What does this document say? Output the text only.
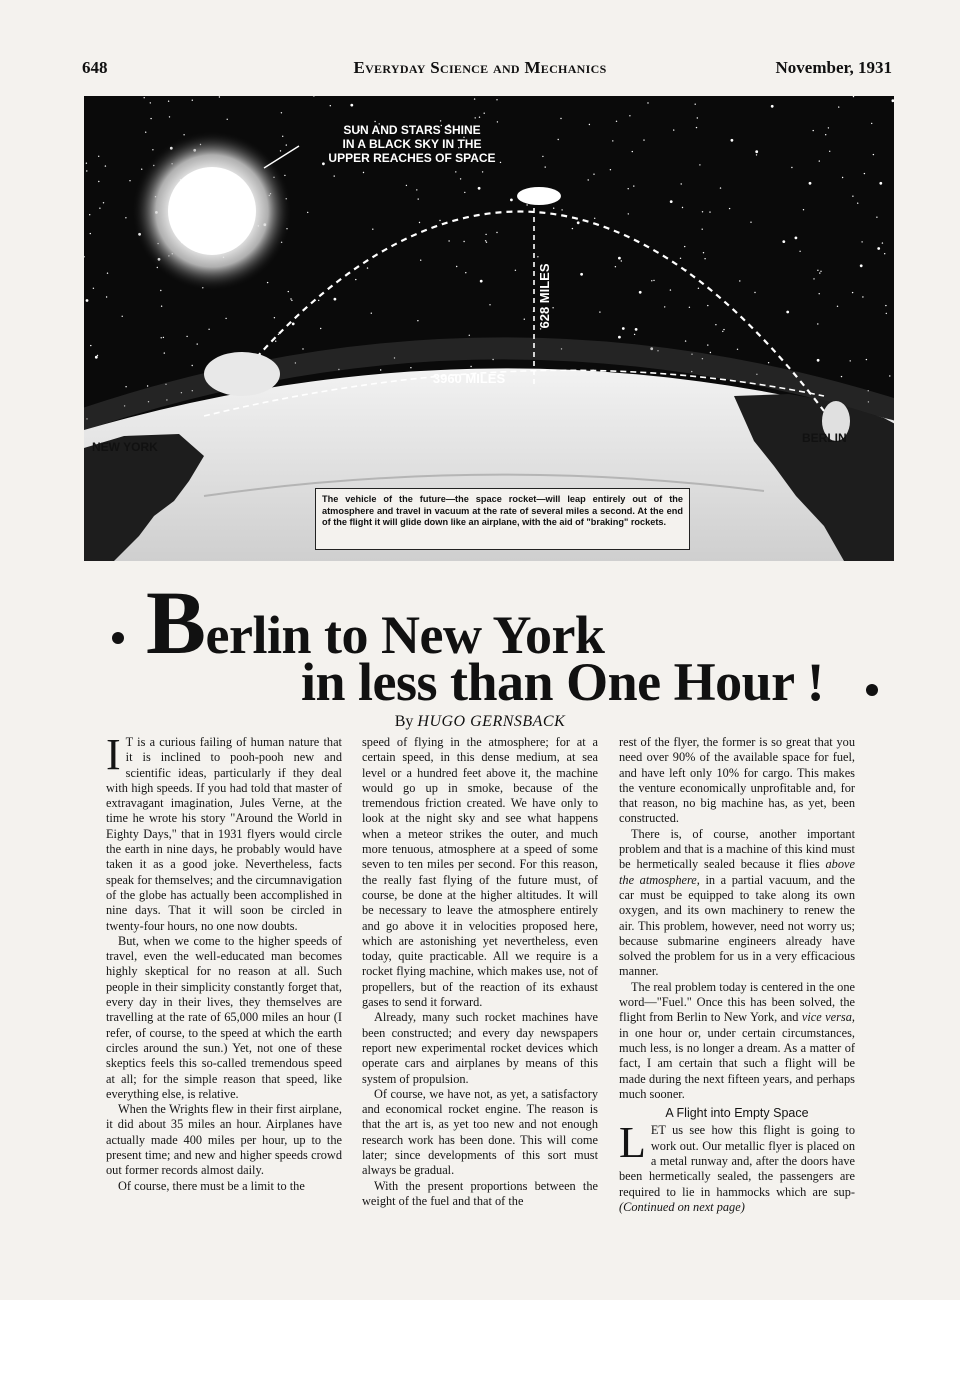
648	Everyday Science and Mechanics	November, 1931
SUN AND STARS SHINE
IN A BLACK SKY IN THE
UPPER REACHES OF SPACE
628 MILES
3960 MILES
NEW YORK
BERLIN
The vehicle of the future—the space rocket—will leap entirely out of the atmosphere and travel in vacuum at the rate of several miles a second. At the end of the flight it will glide down like an airplane, with the aid of "braking" rockets.
Berlin to New York
in less than One Hour !
By HUGO GERNSBACK

I T is a curious failing of human nature that it is inclined to pooh-pooh new and scientific ideas, particularly if they deal with high speeds. If you had told that master of extravagant imagination, Jules Verne, at the time he wrote his story "Around the World in Eighty Days," that in 1931 flyers would circle the earth in nine days, he probably would have taken it as a good joke. Nevertheless, facts speak for themselves; and the circumnavigation of the globe has actually been accomplished in nine days. That it will soon be circled in twenty-four hours, no one now doubts.

But, when we come to the higher speeds of travel, even the well-educated man becomes highly skeptical for no reason at all. Such people in their simplicity constantly forget that, every day in their lives, they themselves are travelling at the rate of 65,000 miles an hour (I refer, of course, to the speed at which the earth circles around the sun.) Yet, not one of these skeptics feels this so-called tremendous speed at all; for the simple reason that speed, like everything else, is relative.

When the Wrights flew in their first airplane, it did about 35 miles an hour. Airplanes have actually made 400 miles per hour, up to the present time; and new and higher speeds crowd out former records almost daily.

Of course, there must be a limit to the

speed of flying in the atmosphere; for at a certain speed, in this dense medium, at sea level or a hundred feet above it, the machine would go up in smoke, because of the tremendous friction created. We have only to look at the night sky and see what happens when a meteor strikes the outer, and much more tenuous, atmosphere at a speed of some seven to ten miles per second. For this reason, the really fast flying of the future must, of course, be done at the higher altitudes. It will be necessary to leave the atmosphere entirely and go above it in velocities proposed here, which are astonishing yet nevertheless, even today, quite practicable. All we require is a rocket flying machine, which makes use, not of propellers, but of the reaction of its exhaust gases to send it forward.

Already, many such rocket machines have been constructed; and every day newspapers report new experimental rocket devices which operate cars and airplanes by means of this system of propulsion.

Of course, we have not, as yet, a satisfactory and economical rocket engine. The reason is that the art is, as yet too new and not enough research work has been done. This will come later; since developments of this sort must always be gradual.

With the present proportions between the weight of the fuel and that of the

rest of the flyer, the former is so great that you need over 90% of the available space for fuel, and have left only 10% for cargo. This makes the venture economically unprofitable and, for that reason, no big machine has, as yet, been constructed.

There is, of course, another important problem and that is a machine of this kind must be hermetically sealed because it flies above the atmosphere, in a partial vacuum, and the car must be equipped to take along its own oxygen, and its own machinery to renew the air. This problem, however, need not worry us; because submarine engineers already have solved the problem for us in a very efficacious manner.

The real problem today is centered in the one word—"Fuel." Once this has been solved, the flight from Berlin to New York, and vice versa, in one hour or, under certain circumstances, much less, is no longer a dream. As a matter of fact, I am certain that such a flight will be made during the next fifteen years, and perhaps much sooner.

A Flight into Empty Space

LET us see how this flight is going to work out. Our metallic flyer is placed on a metal runway and, after the doors have been hermetically sealed, the passengers are required to lie in hammocks which are sup- (Continued on next page)
